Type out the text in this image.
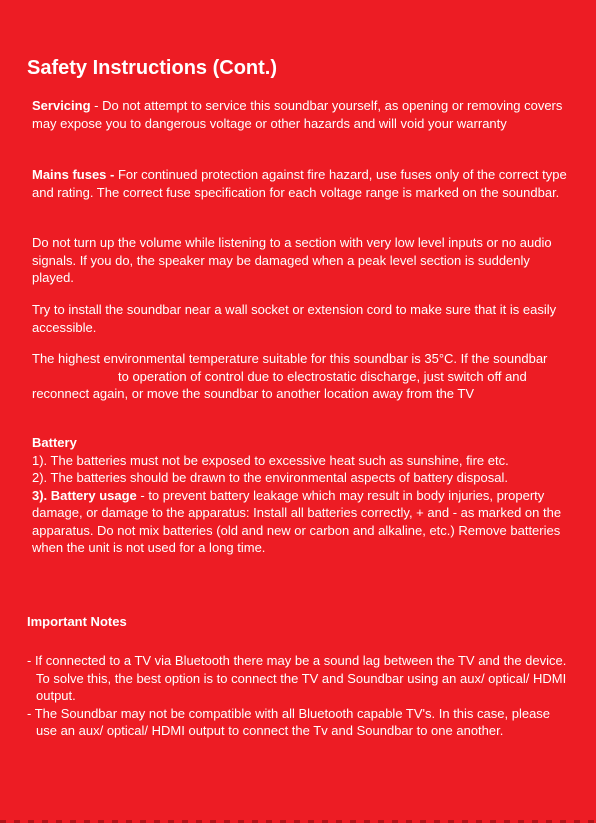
Safety Instructions (Cont.)

Servicing - Do not attempt to service this soundbar yourself, as opening or removing covers may expose you to dangerous voltage or other hazards and will void your warranty

Mains fuses - For continued protection against fire hazard, use fuses only of the correct type and rating. The correct fuse specification for each voltage range is marked on the soundbar.

Do not turn up the volume while listening to a section with very low level inputs or no audio signals. If you do, the speaker may be damaged when a peak level section is suddenly played.

Try to install the soundbar near a wall socket or extension cord to make sure that it is easily accessible.

The highest environmental temperature suitable for this soundbar is 35°C. If the soundbarto operation of control due to electrostatic discharge, just switch off and reconnect again, or move the soundbar to another location away from the TV

Battery
1). The batteries must not be exposed to excessive heat such as sunshine, fire etc.
2). The batteries should be drawn to the environmental aspects of battery disposal.
3). Battery usage - to prevent battery leakage which may result in body injuries, property damage, or damage to the apparatus: Install all batteries correctly, + and - as marked on the apparatus. Do not mix batteries (old and new or carbon and alkaline, etc.) Remove batteries when the unit is not used for a long time.
Important Notes
- If connected to a TV via Bluetooth there may be a sound lag between the TV and the device. To solve this, the best option is to connect the TV and Soundbar using an aux/ optical/ HDMI output.
- The Soundbar may not be compatible with all Bluetooth capable TV's. In this case, please use an aux/ optical/ HDMI output to connect the Tv and Soundbar to one another.
